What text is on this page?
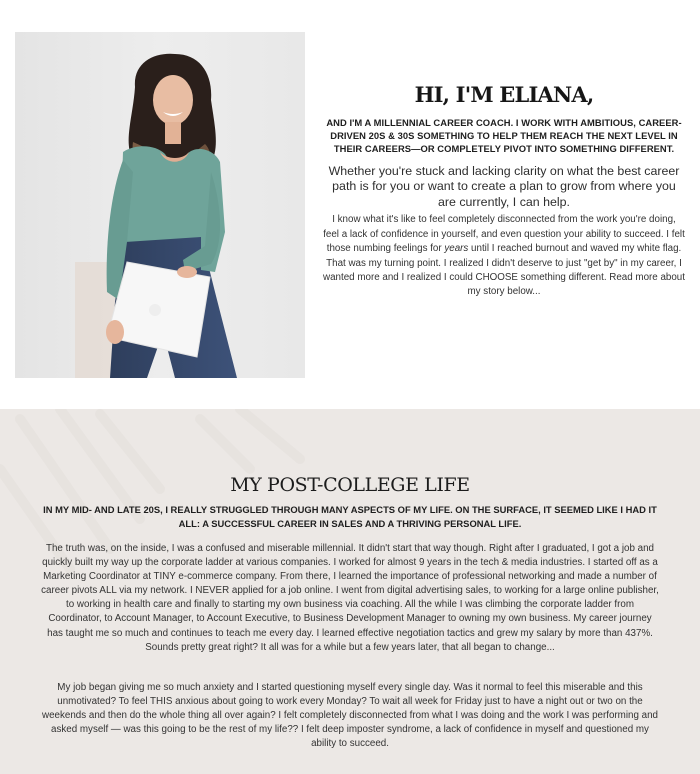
HI, I'M ELIANA,

AND I'M A MILLENNIAL CAREER COACH. I WORK WITH AMBITIOUS, CAREER-DRIVEN 20S & 30S SOMETHING TO HELP THEM REACH THE NEXT LEVEL IN THEIR CAREERS—OR COMPLETELY PIVOT INTO SOMETHING DIFFERENT.

Whether you're stuck and lacking clarity on what the best career path is for you or want to create a plan to grow from where you are currently, I can help.

I know what it's like to feel completely disconnected from the work you're doing, feel a lack of confidence in yourself, and even question your ability to succeed. I felt those numbing feelings for years until I reached burnout and waved my white flag. That was my turning point. I realized I didn't deserve to just "get by" in my career, I wanted more and I realized I could CHOOSE something different. Read more about my story below...

MY POST-COLLEGE LIFE

IN MY MID- AND LATE 20S, I REALLY STRUGGLED THROUGH MANY ASPECTS OF MY LIFE. ON THE SURFACE, IT SEEMED LIKE I HAD IT ALL: A SUCCESSFUL CAREER IN SALES AND A THRIVING PERSONAL LIFE.

The truth was, on the inside, I was a confused and miserable millennial. It didn't start that way though. Right after I graduated, I got a job and quickly built my way up the corporate ladder at various companies. I worked for almost 9 years in the tech & media industries. I started off as a Marketing Coordinator at TINY e-commerce company. From there, I learned the importance of professional networking and made a number of career pivots ALL via my network. I NEVER applied for a job online. I went from digital advertising sales, to working for a large online publisher, to working in health care and finally to starting my own business via coaching. All the while I was climbing the corporate ladder from Coordinator, to Account Manager, to Account Executive, to Business Development Manager to owning my own business. My career journey has taught me so much and continues to teach me every day. I learned effective negotiation tactics and grew my salary by more than 437%. Sounds pretty great right? It all was for a while but a few years later, that all began to change...

My job began giving me so much anxiety and I started questioning myself every single day. Was it normal to feel this miserable and this unmotivated? To feel THIS anxious about going to work every Monday? To wait all week for Friday just to have a night out or two on the weekends and then do the whole thing all over again? I felt completely disconnected from what I was doing and the work I was performing and asked myself — was this going to be the rest of my life?? I felt deep imposter syndrome, a lack of confidence in myself and questioned my ability to succeed.
